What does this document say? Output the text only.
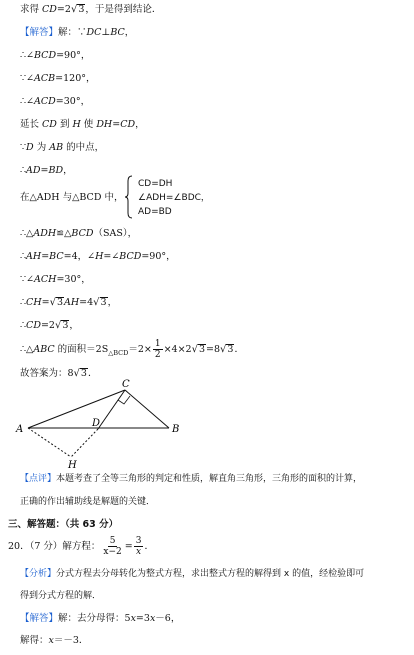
求得 CD=2√3，于是得到结论．
【解答】解：∵DC⊥BC，
∴∠BCD=90°，
∵∠ACB=120°，
∴∠ACD=30°，
延长 CD 到 H 使 DH=CD，
∵D 为 AB 的中点，
∴AD=BD，
在△ADH 与△BCD 中，
CD=DH
∠ADH=∠BDC，
AD=BD
∴△ADH≌△BCD（SAS），
∴AH=BC=4，∠H=∠BCD=90°，
∵∠ACH=30°，
∴CH=√3AH=4√3，
∴CD=2√3，
∴△ABC 的面积$=2S_{\triangle BCD}=2\times \frac{1}{2} \times 4\times 2√3=8√3$．
故答案为：8√3．
A	B
C
D
H
【点评】本题考查了全等三角形的判定和性质，解直角三角形，三角形的面积的计算，
正确的作出辅助线是解题的关键．
三、解答题：（共 63 分）
20．（7 分）解方程： $\frac{5}{x-2} = \frac{3}{x}$ ．
【分析】分式方程去分母转化为整式方程，求出整式方程的解得到 x 的值，经检验即可
得到分式方程的解．
【解答】解：去分母得：5x=3x－6，
解得：x＝－3．
